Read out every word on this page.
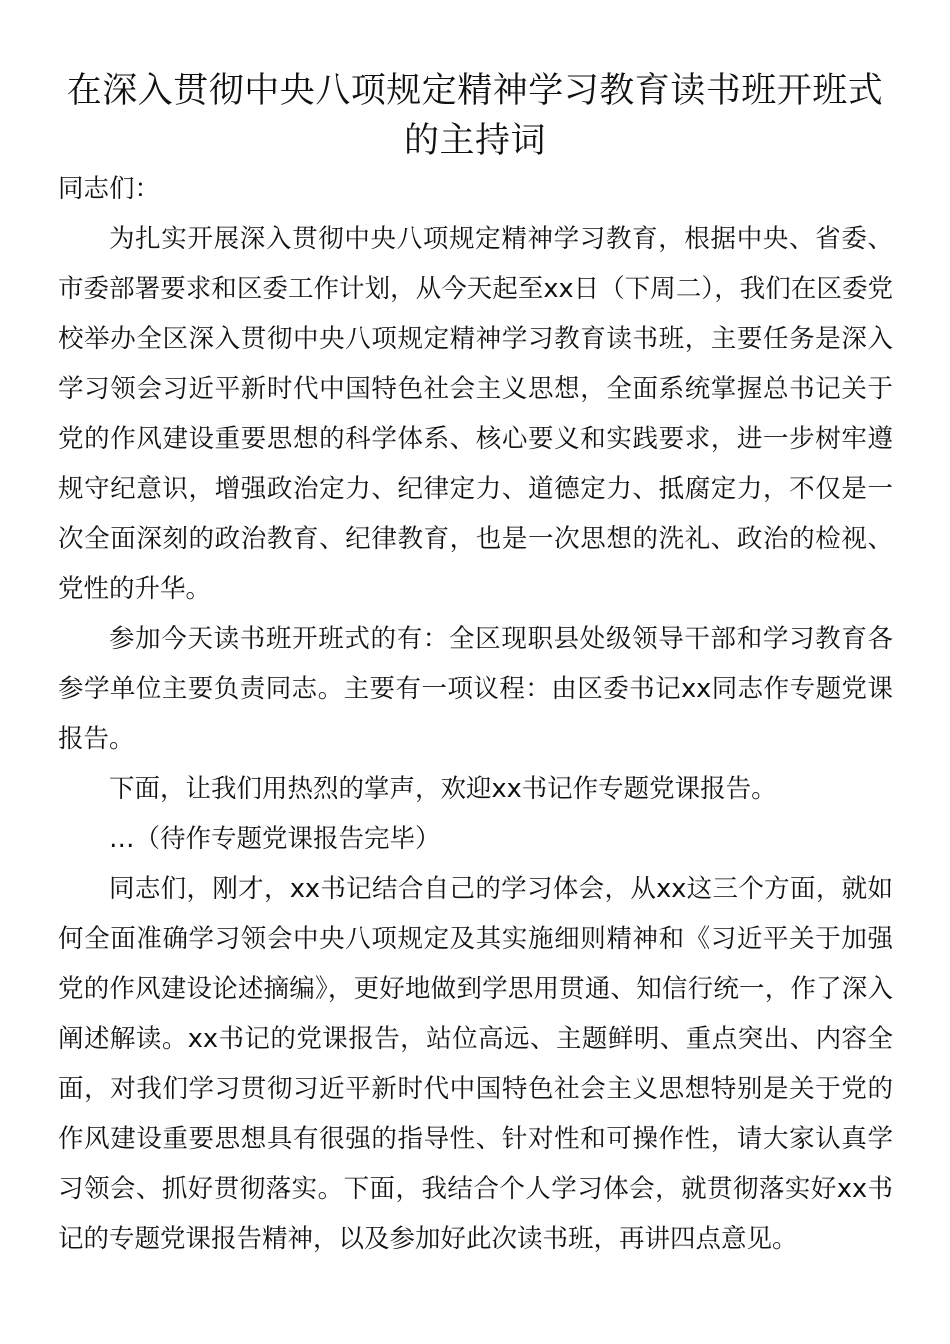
在深入贯彻中央八项规定精神学习教育读书班开班式
的主持词

同志们：

为扎实开展深入贯彻中央八项规定精神学习教育，根据中央、省委、市委部署要求和区委工作计划，从今天起至xx日（下周二），我们在区委党校举办全区深入贯彻中央八项规定精神学习教育读书班，主要任务是深入学习领会习近平新时代中国特色社会主义思想，全面系统掌握总书记关于党的作风建设重要思想的科学体系、核心要义和实践要求，进一步树牢遵规守纪意识，增强政治定力、纪律定力、道德定力、抵腐定力，不仅是一次全面深刻的政治教育、纪律教育，也是一次思想的洗礼、政治的检视、党性的升华。

参加今天读书班开班式的有：全区现职县处级领导干部和学习教育各参学单位主要负责同志。主要有一项议程：由区委书记xx同志作专题党课报告。

下面，让我们用热烈的掌声，欢迎xx书记作专题党课报告。

…（待作专题党课报告完毕）

同志们，刚才，xx书记结合自己的学习体会，从xx这三个方面，就如何全面准确学习领会中央八项规定及其实施细则精神和《习近平关于加强党的作风建设论述摘编》，更好地做到学思用贯通、知信行统一，作了深入阐述解读。xx书记的党课报告，站位高远、主题鲜明、重点突出、内容全面，对我们学习贯彻习近平新时代中国特色社会主义思想特别是关于党的作风建设重要思想具有很强的指导性、针对性和可操作性，请大家认真学习领会、抓好贯彻落实。下面，我结合个人学习体会，就贯彻落实好xx书记的专题党课报告精神，以及参加好此次读书班，再讲四点意见。
